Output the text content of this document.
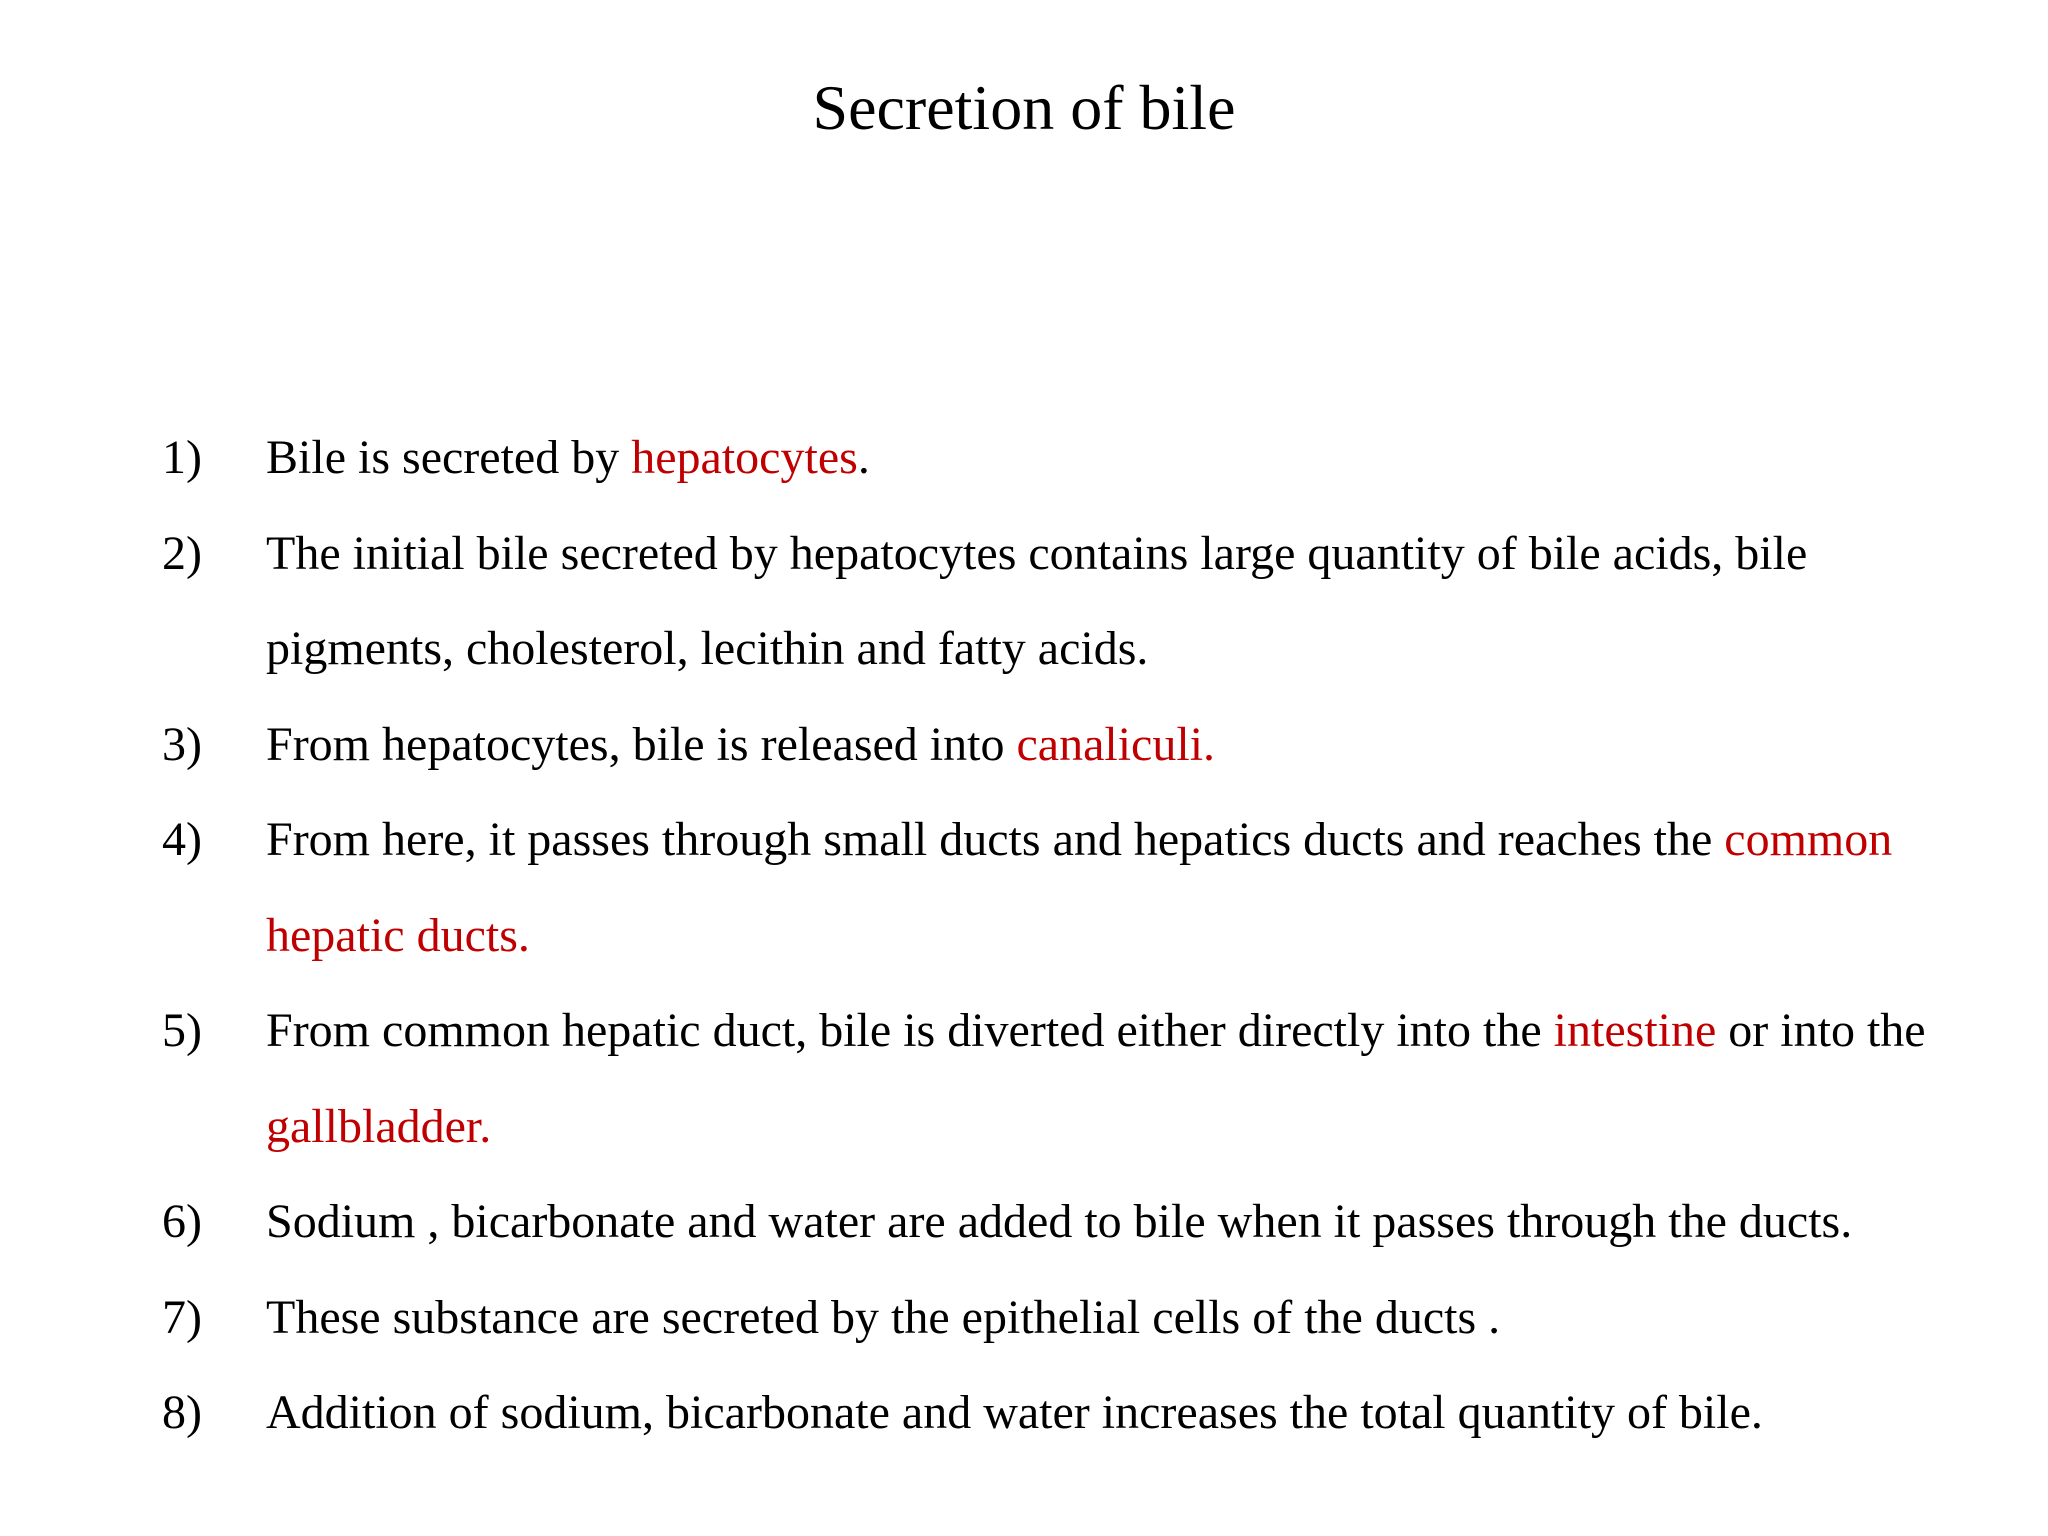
Secretion of bile
1) Bile is secreted by hepatocytes.
2) The initial bile secreted by hepatocytes contains large quantity of bile acids, bile pigments, cholesterol, lecithin and fatty acids.
3) From hepatocytes, bile is released into canaliculi.
4) From here, it passes through small ducts and hepatics ducts and reaches the common hepatic ducts.
5) From common hepatic duct, bile is diverted either directly into the intestine or into the gallbladder.
6) Sodium , bicarbonate and water are added to bile when it passes through the ducts.
7) These substance are secreted by the epithelial cells of the ducts .
8) Addition of sodium, bicarbonate and water increases the total quantity of bile.
